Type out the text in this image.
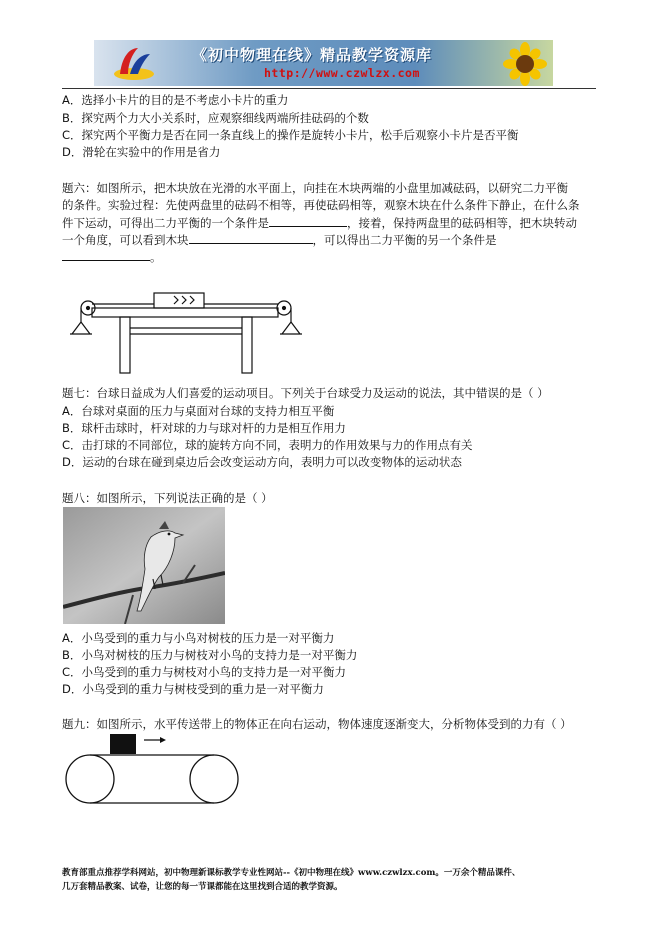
《初中物理在线》精品教学资源库
http://www.czwlzx.com
A．选择小卡片的目的是不考虑小卡片的重力
B．探究两个力大小关系时，应观察细线两端所挂砝码的个数
C．探究两个平衡力是否在同一条直线上的操作是旋转小卡片，松手后观察小卡片是否平衡
D．滑轮在实验中的作用是省力
题六：如图所示，把木块放在光滑的水平面上，向挂在木块两端的小盘里加减砝码，以研究二力平衡
的条件。实验过程：先使两盘里的砝码不相等，再使砝码相等，观察木块在什么条件下静止，在什么条
件下运动，可得出二力平衡的一个条件是	，接着，保持两盘里的砝码相等，把木块转动
一个角度，可以看到木块	，可以得出二力平衡的另一个条件是
。
题七：台球日益成为人们喜爱的运动项目。下列关于台球受力及运动的说法，其中错误的是（ ）
A．台球对桌面的压力与桌面对台球的支持力相互平衡
B．球杆击球时，杆对球的力与球对杆的力是相互作用力
C．击打球的不同部位，球的旋转方向不同，表明力的作用效果与力的作用点有关
D．运动的台球在碰到桌边后会改变运动方向，表明力可以改变物体的运动状态
题八：如图所示，下列说法正确的是（ ）
A．小鸟受到的重力与小鸟对树枝的压力是一对平衡力
B．小鸟对树枝的压力与树枝对小鸟的支持力是一对平衡力
C．小鸟受到的重力与树枝对小鸟的支持力是一对平衡力
D．小鸟受到的重力与树枝受到的重力是一对平衡力
题九：如图所示，水平传送带上的物体正在向右运动，物体速度逐渐变大，分析物体受到的力有（ ）
教育部重点推荐学科网站，初中物理新课标教学专业性网站--《初中物理在线》www.czwlzx.com。一万余个精品课件、
几万套精品教案、试卷，让您的每一节课都能在这里找到合适的教学资源。
